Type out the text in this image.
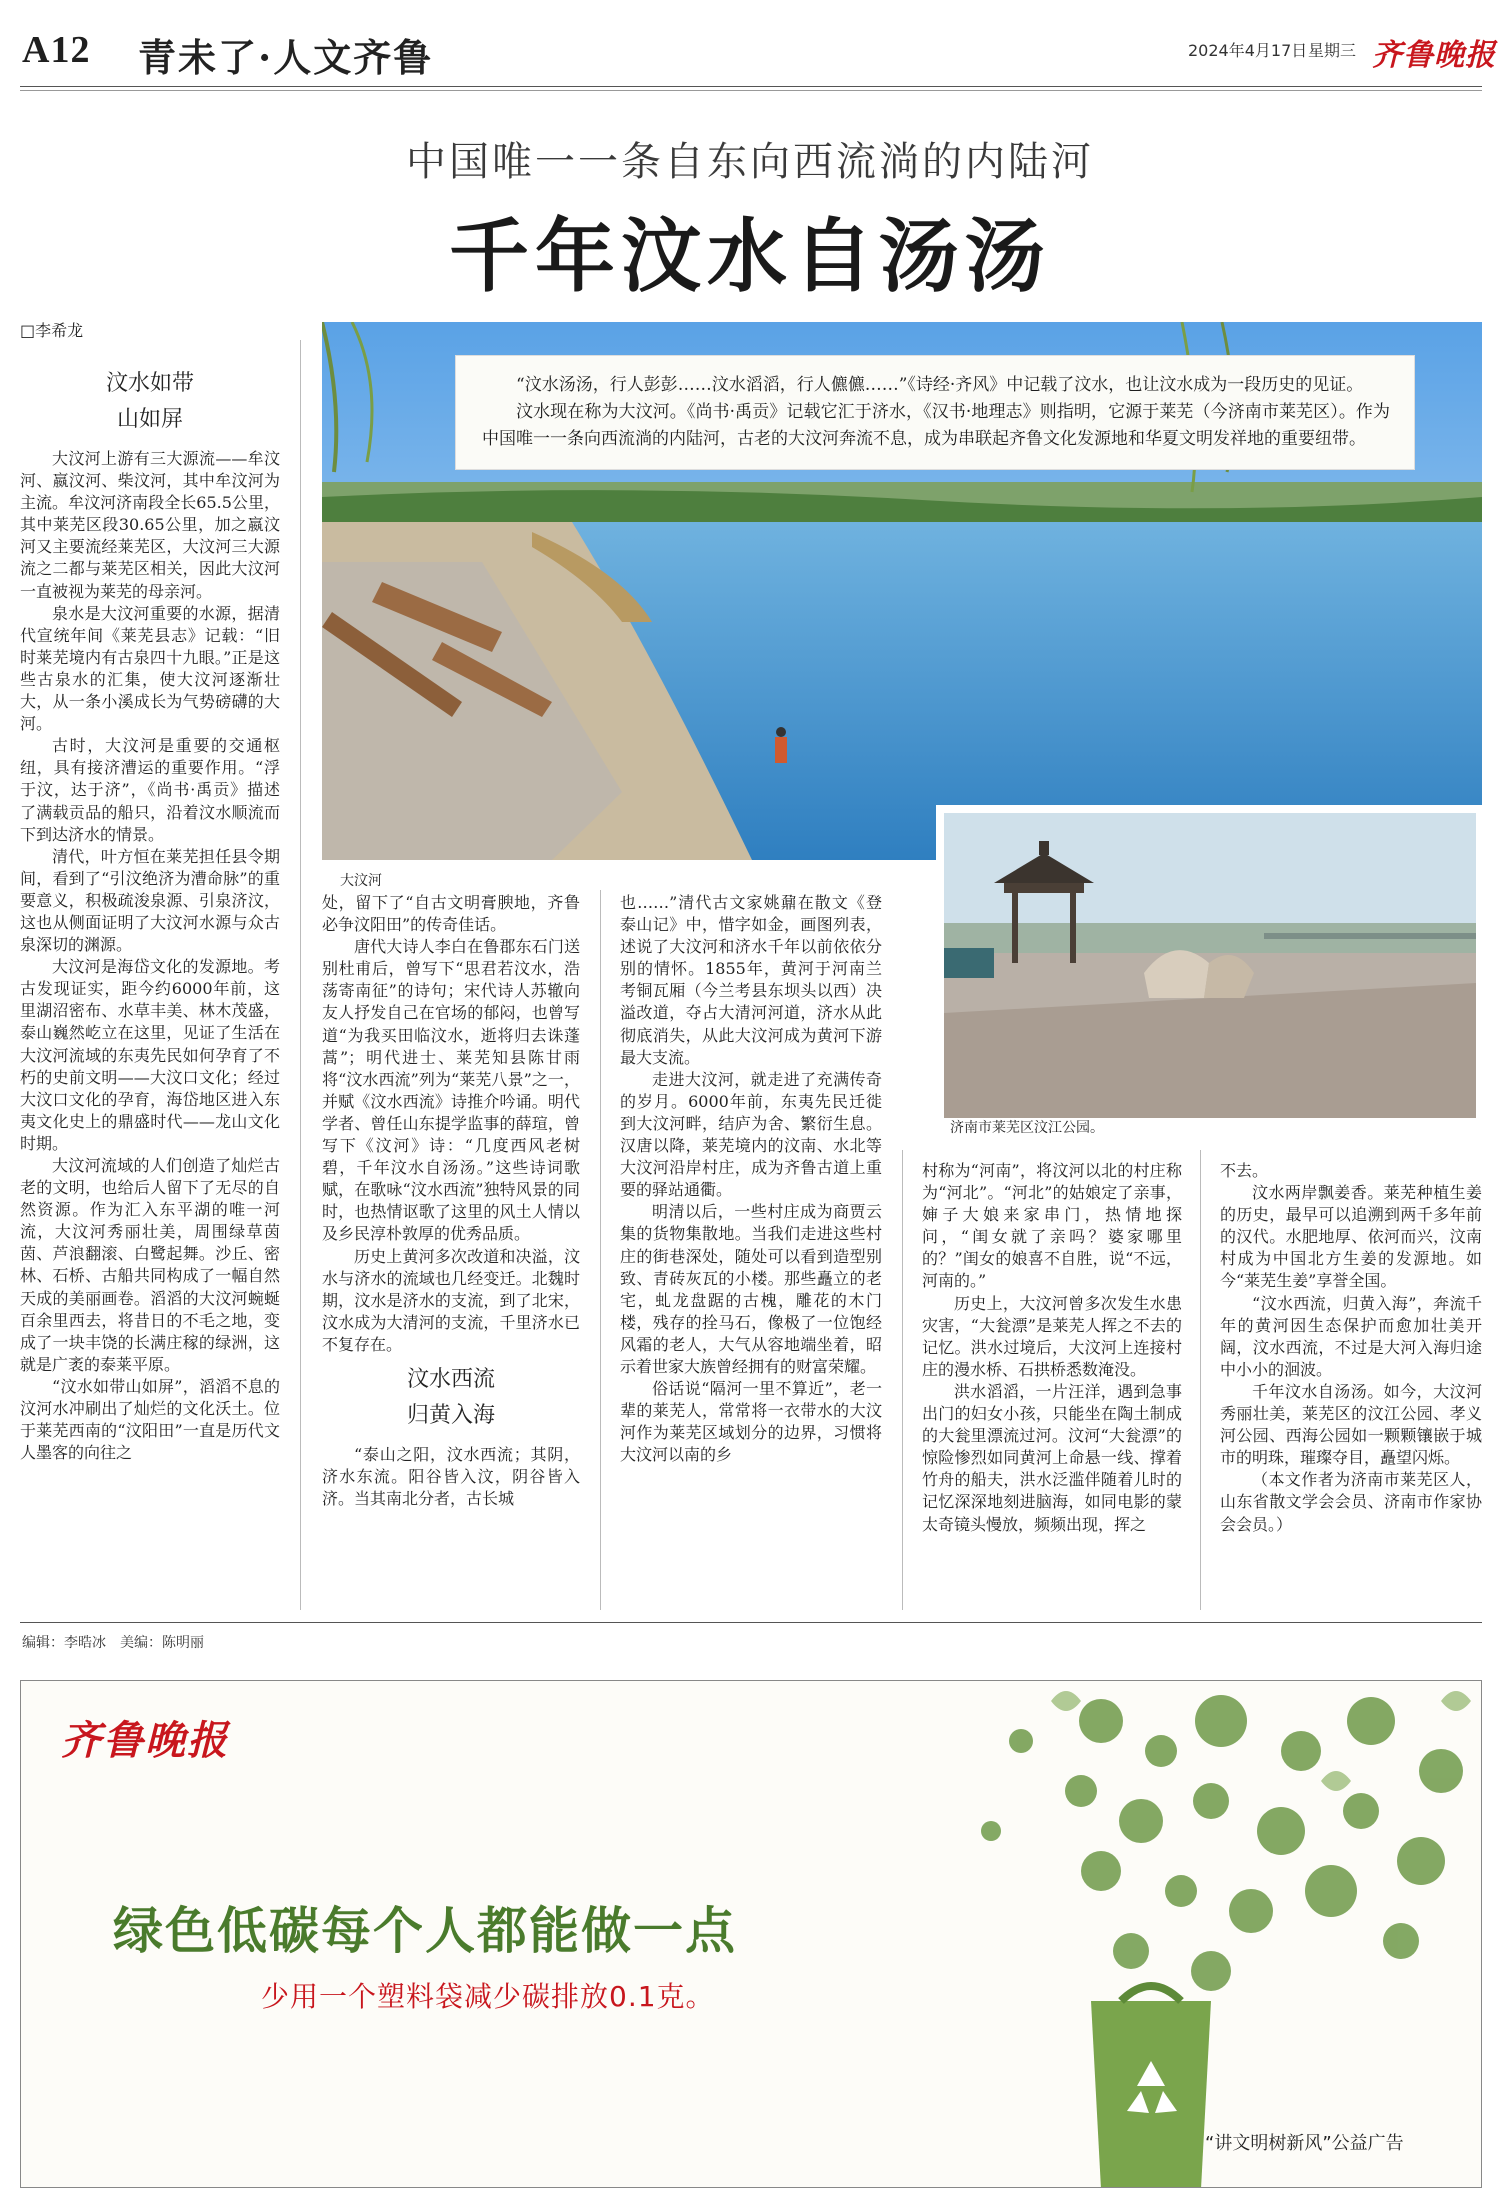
A12 青未了·人文齐鲁	2024年4月17日 星期三 齐鲁晚报
中国唯一一条自东向西流淌的内陆河
千年汶水自汤汤
□李希龙

“汶水汤汤，行人彭彭……汶水滔滔，行人儦儦……”《诗经·齐风》中记载了汶水，也让汶水成为一段历史的见证。

汶水现在称为大汶河。《尚书·禹贡》记载它汇于济水，《汉书·地理志》则指明，它源于莱芜（今济南市莱芜区）。作为中国唯一一条向西流淌的内陆河，古老的大汶河奔流不息，成为串联起齐鲁文化发源地和华夏文明发祥地的重要纽带。

大汶河
济南市莱芜区汶江公园。
汶水如带
山如屏

大汶河上游有三大源流——牟汶河、嬴汶河、柴汶河，其中牟汶河为主流。牟汶河济南段全长65.5公里，其中莱芜区段30.65公里，加之嬴汶河又主要流经莱芜区，大汶河三大源流之二都与莱芜区相关，因此大汶河一直被视为莱芜的母亲河。

泉水是大汶河重要的水源，据清代宣统年间《莱芜县志》记载：“旧时莱芜境内有古泉四十九眼。”正是这些古泉水的汇集，使大汶河逐渐壮大，从一条小溪成长为气势磅礴的大河。

古时，大汶河是重要的交通枢纽，具有接济漕运的重要作用。“浮于汶，达于济”，《尚书·禹贡》描述了满载贡品的船只，沿着汶水顺流而下到达济水的情景。

清代，叶方恒在莱芜担任县令期间，看到了“引汶绝济为漕命脉”的重要意义，积极疏浚泉源、引泉济汶，这也从侧面证明了大汶河水源与众古泉深切的渊源。

大汶河是海岱文化的发源地。考古发现证实，距今约6000年前，这里湖沼密布、水草丰美、林木茂盛，泰山巍然屹立在这里，见证了生活在大汶河流域的东夷先民如何孕育了不朽的史前文明——大汶口文化；经过大汶口文化的孕育，海岱地区进入东夷文化史上的鼎盛时代——龙山文化时期。

大汶河流域的人们创造了灿烂古老的文明，也给后人留下了无尽的自然资源。作为汇入东平湖的唯一河流，大汶河秀丽壮美，周围绿草茵茵、芦浪翻滚、白鹭起舞。沙丘、密林、石桥、古船共同构成了一幅自然天成的美丽画卷。滔滔的大汶河蜿蜒百余里西去，将昔日的不毛之地，变成了一块丰饶的长满庄稼的绿洲，这就是广袤的泰莱平原。

“汶水如带山如屏”，滔滔不息的汶河水冲刷出了灿烂的文化沃土。位于莱芜西南的“汶阳田”一直是历代文人墨客的向往之

处，留下了“自古文明膏腴地，齐鲁必争汶阳田”的传奇佳话。

唐代大诗人李白在鲁郡东石门送别杜甫后，曾写下“思君若汶水，浩荡寄南征”的诗句；宋代诗人苏辙向友人抒发自己在官场的郁闷，也曾写道“为我买田临汶水，逝将归去诛蓬蒿”；明代进士、莱芜知县陈甘雨将“汶水西流”列为“莱芜八景”之一，并赋《汶水西流》诗推介吟诵。明代学者、曾任山东提学监事的薛瑄，曾写下《汶河》诗：“几度西风老树碧，千年汶水自汤汤。”这些诗词歌赋，在歌咏“汶水西流”独特风景的同时，也热情讴歌了这里的风土人情以及乡民淳朴敦厚的优秀品质。

历史上黄河多次改道和决溢，汶水与济水的流域也几经变迁。北魏时期，汶水是济水的支流，到了北宋，汶水成为大清河的支流，千里济水已不复存在。

汶水西流
归黄入海

“泰山之阳，汶水西流；其阴，济水东流。阳谷皆入汶，阴谷皆入济。当其南北分者，古长城

也……”清代古文家姚鼐在散文《登泰山记》中，惜字如金，画图列表，述说了大汶河和济水千年以前依依分别的情怀。1855年，黄河于河南兰考铜瓦厢（今兰考县东坝头以西）决溢改道，夺占大清河河道，济水从此彻底消失，从此大汶河成为黄河下游最大支流。

走进大汶河，就走进了充满传奇的岁月。6000年前，东夷先民迁徙到大汶河畔，结庐为舍、繁衍生息。汉唐以降，莱芜境内的汶南、水北等大汶河沿岸村庄，成为齐鲁古道上重要的驿站通衢。

明清以后，一些村庄成为商贾云集的货物集散地。当我们走进这些村庄的街巷深处，随处可以看到造型别致、青砖灰瓦的小楼。那些矗立的老宅，虬龙盘踞的古槐，雕花的木门楼，残存的拴马石，像极了一位饱经风霜的老人，大气从容地端坐着，昭示着世家大族曾经拥有的财富荣耀。

俗话说“隔河一里不算近”，老一辈的莱芜人，常常将一衣带水的大汶河作为莱芜区域划分的边界，习惯将大汶河以南的乡

村称为“河南”，将汶河以北的村庄称为“河北”。“河北”的姑娘定了亲事，婶子大娘来家串门，热情地探问，“闺女就了亲吗？婆家哪里的？”闺女的娘喜不自胜，说“不远，河南的。”

历史上，大汶河曾多次发生水患灾害，“大瓮漂”是莱芜人挥之不去的记忆。洪水过境后，大汶河上连接村庄的漫水桥、石拱桥悉数淹没。

洪水滔滔，一片汪洋，遇到急事出门的妇女小孩，只能坐在陶土制成的大瓮里漂流过河。汶河“大瓮漂”的惊险惨烈如同黄河上命悬一线、撑着竹舟的船夫，洪水泛滥伴随着儿时的记忆深深地刻进脑海，如同电影的蒙太奇镜头慢放，频频出现，挥之

不去。

汶水两岸飘姜香。莱芜种植生姜的历史，最早可以追溯到两千多年前的汉代。水肥地厚、依河而兴，汶南村成为中国北方生姜的发源地。如今“莱芜生姜”享誉全国。

“汶水西流，归黄入海”，奔流千年的黄河因生态保护而愈加壮美开阔，汶水西流，不过是大河入海归途中小小的洄波。

千年汶水自汤汤。如今，大汶河秀丽壮美，莱芜区的汶江公园、孝义河公园、西海公园如一颗颗镶嵌于城市的明珠，璀璨夺目，矗望闪烁。

（本文作者为济南市莱芜区人，山东省散文学会会员、济南市作家协会会员。）

编辑：李晧冰　美编：陈明丽
齐鲁晚报
绿色低碳每个人都能做一点
少用一个塑料袋减少碳排放0.1克。
“讲文明树新风”公益广告
